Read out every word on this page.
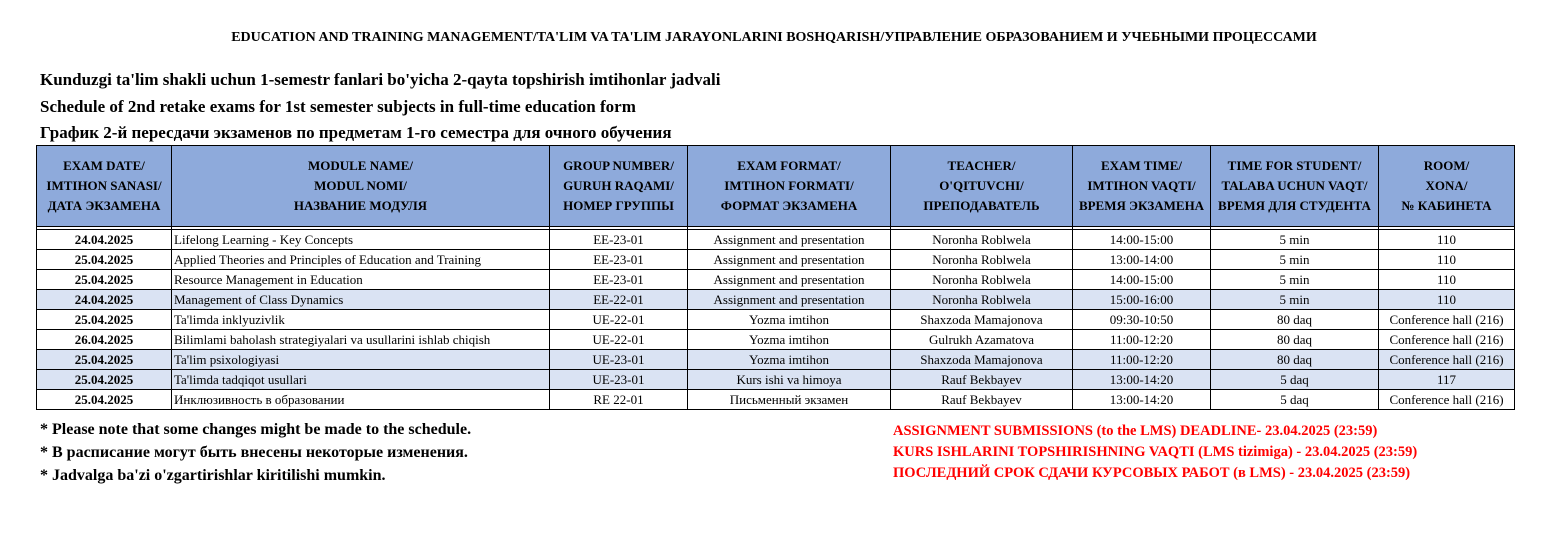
EDUCATION AND TRAINING MANAGEMENT/TA'LIM VA TA'LIM JARAYONLARINI BOSHQARISH/УПРАВЛЕНИЕ ОБРАЗОВАНИЕМ И УЧЕБНЫМИ ПРОЦЕССАМИ
Kunduzgi ta'lim shakli uchun 1-semestr fanlari bo'yicha 2-qayta topshirish imtihonlar jadvali
Schedule of 2nd retake exams for 1st semester subjects in full-time education form
График 2-й пересдачи экзаменов по предметам 1-го семестра для очного обучения
EXAM DATE/
IMTIHON SANASI/
ДАТА ЭКЗАМЕНА	MODULE NAME/
MODUL NOMI/
НАЗВАНИЕ МОДУЛЯ	GROUP NUMBER/
GURUH RAQAMI/
НОМЕР ГРУППЫ	EXAM FORMAT/
IMTIHON FORMATI/
ФОРМАТ ЭКЗАМЕНА	TEACHER/
O'QITUVCHI/
ПРЕПОДАВАТЕЛЬ	EXAM TIME/
IMTIHON VAQTI/
ВРЕМЯ ЭКЗАМЕНА	TIME FOR STUDENT/
TALABA UCHUN VAQT/
ВРЕМЯ ДЛЯ СТУДЕНТА	ROOM/
XONA/
№ КАБИНЕТА

24.04.2025	Lifelong Learning - Key Concepts	EE-23-01	Assignment and presentation	Noronha Roblwela	14:00-15:00	5 min	110
25.04.2025	Applied Theories and Principles of Education and Training	EE-23-01	Assignment and presentation	Noronha Roblwela	13:00-14:00	5 min	110
25.04.2025	Resource Management in Education	EE-23-01	Assignment and presentation	Noronha Roblwela	14:00-15:00	5 min	110
24.04.2025	Management of Class Dynamics	EE-22-01	Assignment and presentation	Noronha Roblwela	15:00-16:00	5 min	110
25.04.2025	Ta'limda inklyuzivlik	UE-22-01	Yozma imtihon	Shaxzoda Mamajonova	09:30-10:50	80 daq	Conference hall (216)
26.04.2025	Bilimlami baholash strategiyalari va usullarini ishlab chiqish	UE-22-01	Yozma imtihon	Gulrukh Azamatova	11:00-12:20	80 daq	Conference hall (216)
25.04.2025	Ta'lim psixologiyasi	UE-23-01	Yozma imtihon	Shaxzoda Mamajonova	11:00-12:20	80 daq	Conference hall (216)
25.04.2025	Ta'limda tadqiqot usullari	UE-23-01	Kurs ishi va himoya	Rauf Bekbayev	13:00-14:20	5 daq	117
25.04.2025	Инклюзивность в образовании	RE 22-01	Письменный экзамен	Rauf Bekbayev	13:00-14:20	5 daq	Conference hall (216)
* Please note that some changes might be made to the schedule.
* В расписание могут быть внесены некоторые изменения.
* Jadvalga ba'zi o'zgartirishlar kiritilishi mumkin.
ASSIGNMENT SUBMISSIONS (to the LMS) DEADLINE- 23.04.2025 (23:59)
KURS ISHLARINI TOPSHIRISHNING VAQTI (LMS tizimiga) - 23.04.2025 (23:59)
ПОСЛЕДНИЙ СРОК СДАЧИ КУРСОВЫХ РАБОТ (в LMS) - 23.04.2025 (23:59)
